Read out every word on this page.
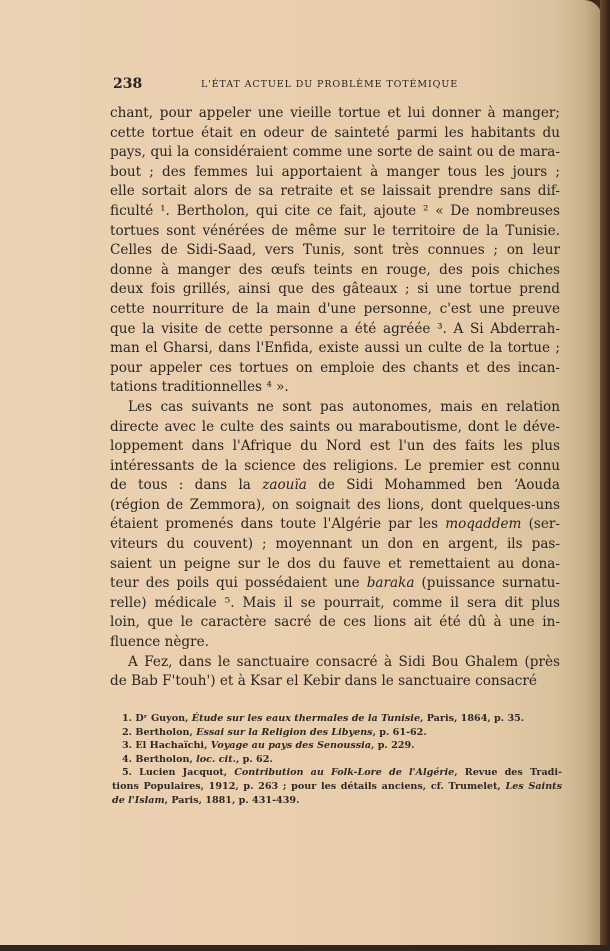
238	L'ÉTAT ACTUEL DU PROBLÈME TOTÉMIQUE
chant, pour appeler une vieille tortue et lui donner à manger;
cette tortue était en odeur de sainteté parmi les habitants du
pays, qui la considéraient comme une sorte de saint ou de mara-
bout ; des femmes lui apportaient à manger tous les jours ;
elle sortait alors de sa retraite et se laissait prendre sans dif-
ficulté ¹. Bertholon, qui cite ce fait, ajoute ² « De nombreuses
tortues sont vénérées de même sur le territoire de la Tunisie.
Celles de Sidi-Saad, vers Tunis, sont très connues ; on leur
donne à manger des œufs teints en rouge, des pois chiches
deux fois grillés, ainsi que des gâteaux ; si une tortue prend
cette nourriture de la main d'une personne, c'est une preuve
que la visite de cette personne a été agréée ³. A Si Abderrah-
man el Gharsi, dans l'Enfida, existe aussi un culte de la tortue ;
pour appeler ces tortues on emploie des chants et des incan-
tations traditionnelles ⁴ ».
Les cas suivants ne sont pas autonomes, mais en relation
directe avec le culte des saints ou maraboutisme, dont le déve-
loppement dans l'Afrique du Nord est l'un des faits les plus
intéressants de la science des religions. Le premier est connu
de tous : dans la zaouïa de Sidi Mohammed ben ‘Aouda
(région de Zemmora), on soignait des lions, dont quelques-uns
étaient promenés dans toute l'Algérie par les moqaddem (ser-
viteurs du couvent) ; moyennant un don en argent, ils pas-
saient un peigne sur le dos du fauve et remettaient au dona-
teur des poils qui possédaient une baraka (puissance surnatu-
relle) médicale ⁵. Mais il se pourrait, comme il sera dit plus
loin, que le caractère sacré de ces lions ait été dû à une in-
fluence nègre.
A Fez, dans le sanctuaire consacré à Sidi Bou Ghalem (près
de Bab F'touh') et à Ksar el Kebir dans le sanctuaire consacré
1. Dʳ Guyon, Étude sur les eaux thermales de la Tunisie, Paris, 1864, p. 35.
2. Bertholon, Essai sur la Religion des Libyens, p. 61-62.
3. El Hachaïchi, Voyage au pays des Senoussia, p. 229.
4. Bertholon, loc. cit., p. 62.
5. Lucien Jacquot, Contribution au Folk-Lore de l'Algérie, Revue des Tradi-
tions Populaires, 1912, p. 263 ; pour les détails anciens, cf. Trumelet, Les Saints
de l'Islam, Paris, 1881, p. 431-439.
